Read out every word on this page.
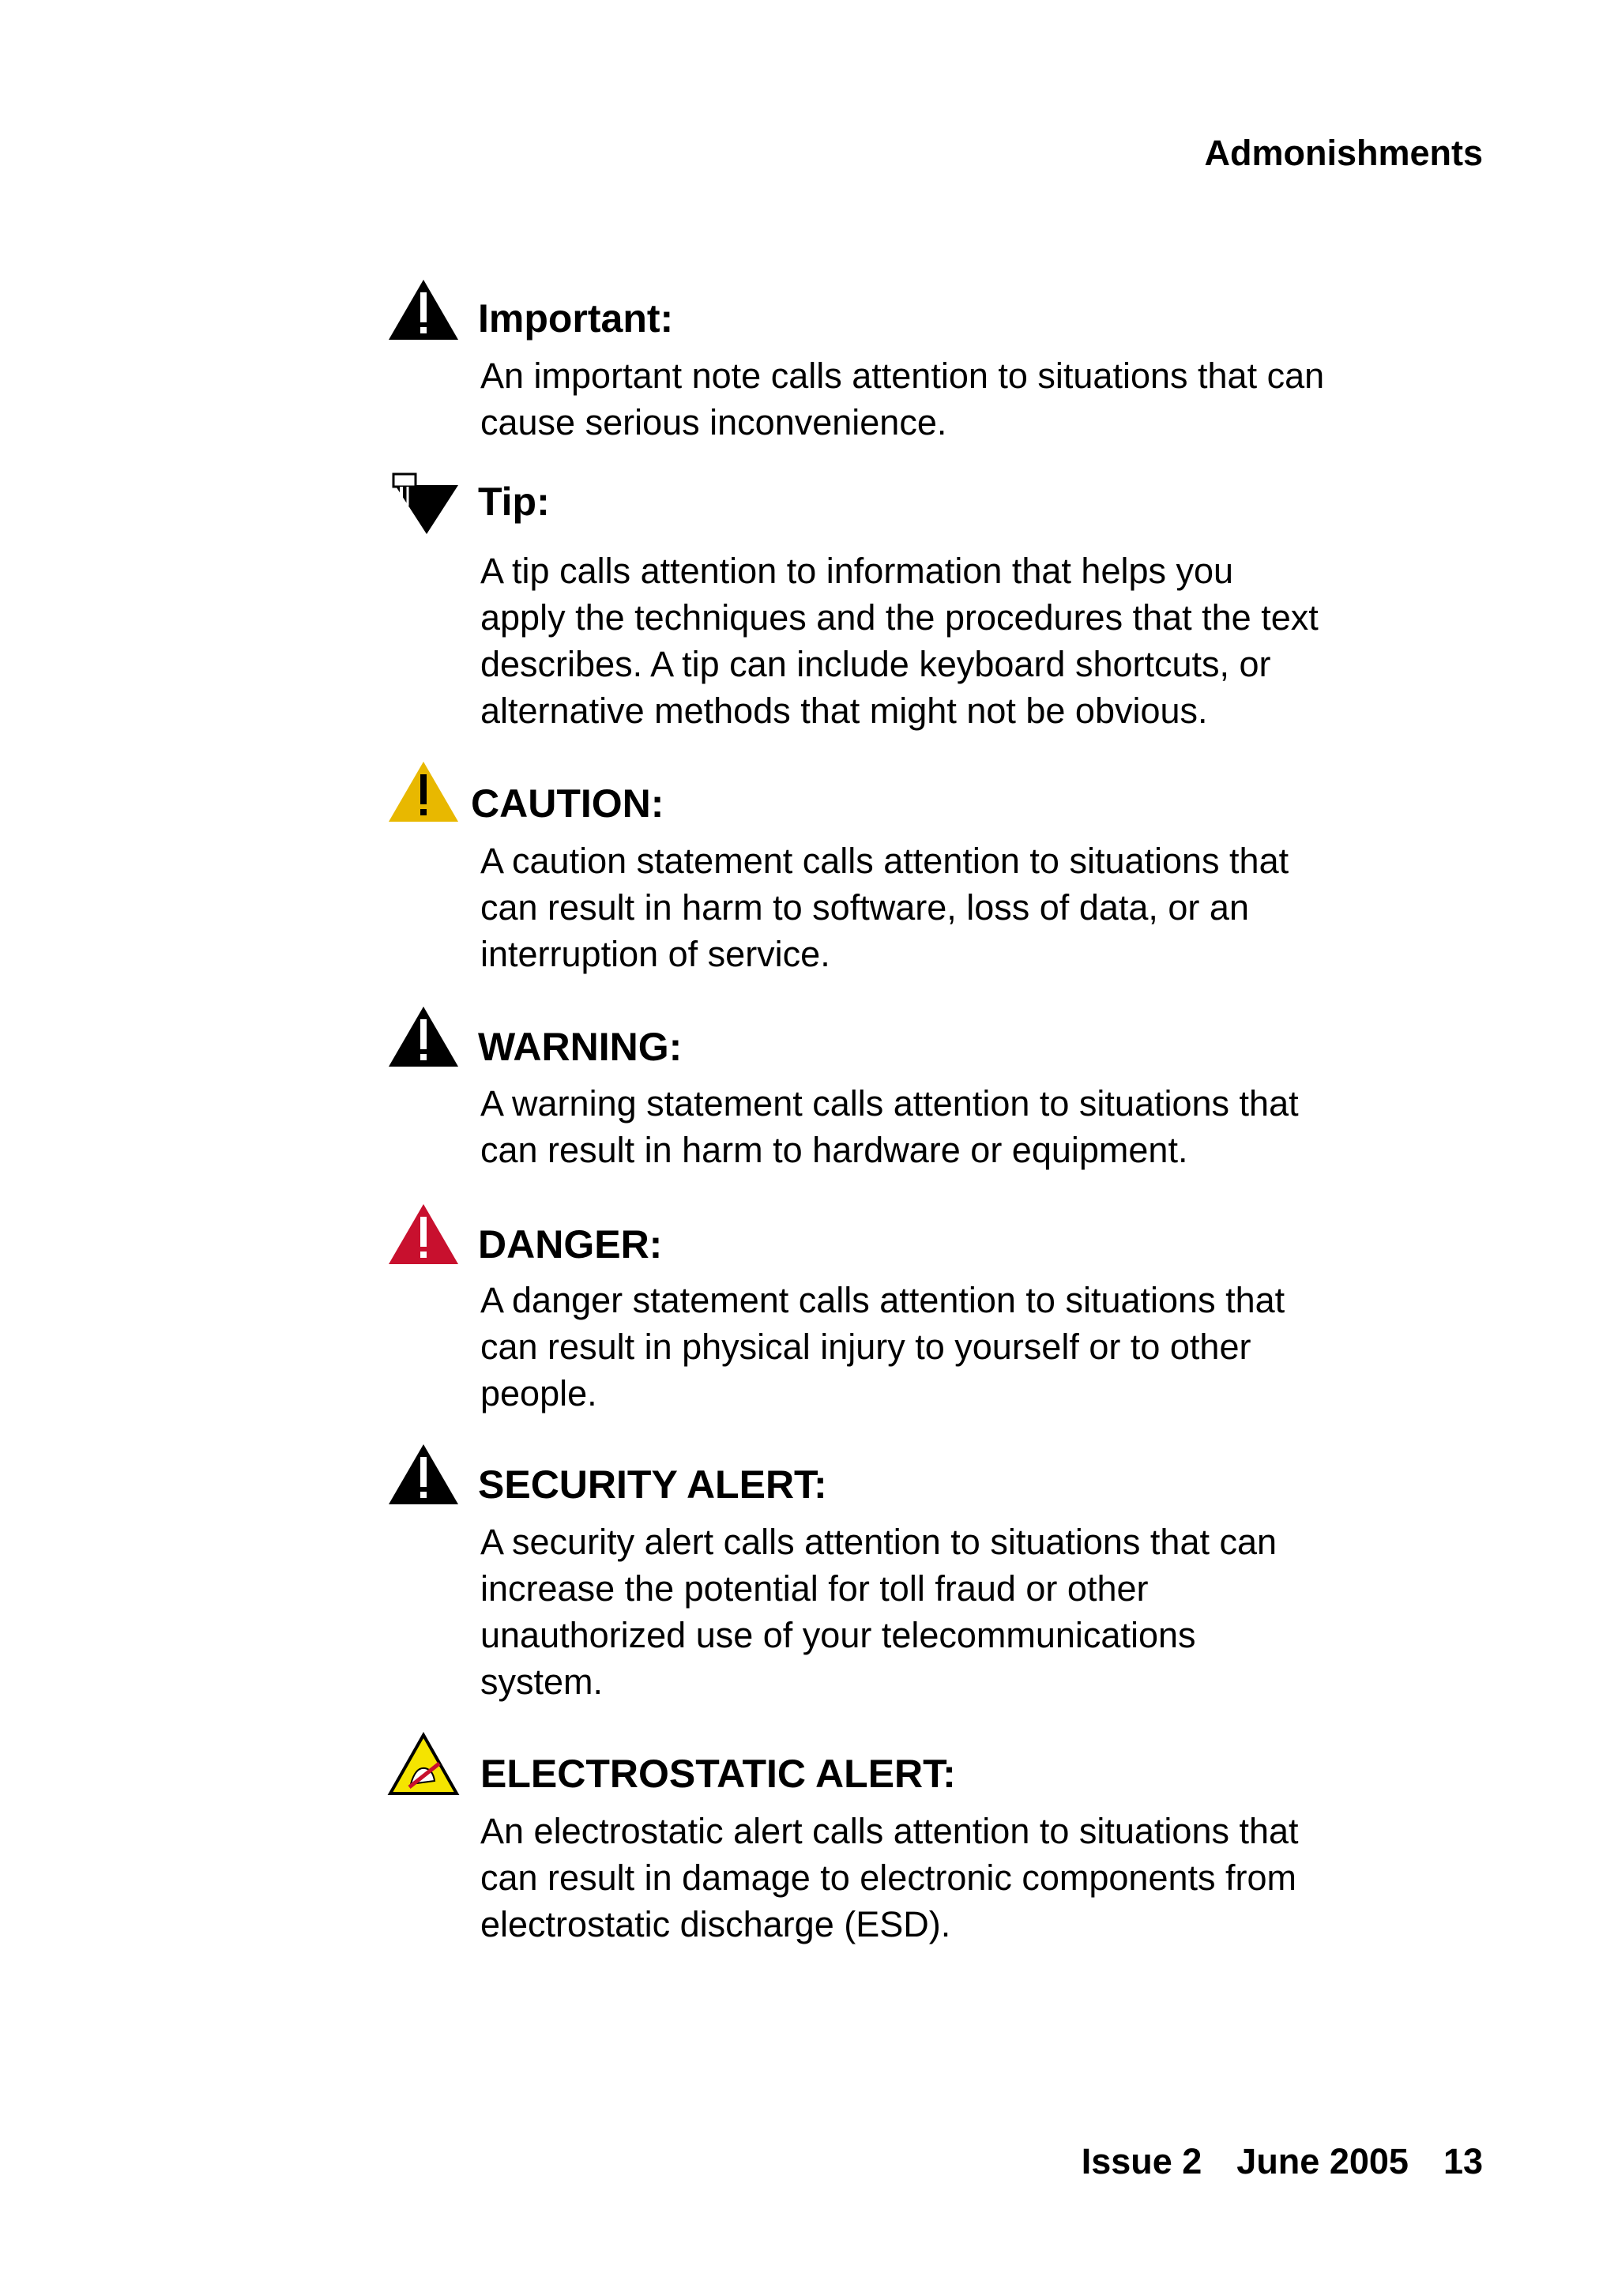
Admonishments
Important:
An important note calls attention to situations that can
cause serious inconvenience.
Tip:
A tip calls attention to information that helps you
apply the techniques and the procedures that the text
describes. A tip can include keyboard shortcuts, or
alternative methods that might not be obvious.
CAUTION:
A caution statement calls attention to situations that
can result in harm to software, loss of data, or an
interruption of service.
WARNING:
A warning statement calls attention to situations that
can result in harm to hardware or equipment.
DANGER:
A danger statement calls attention to situations that
can result in physical injury to yourself or to other
people.
SECURITY ALERT:
A security alert calls attention to situations that can
increase the potential for toll fraud or other
unauthorized use of your telecommunications
system.
ELECTROSTATIC ALERT:
An electrostatic alert calls attention to situations that
can result in damage to electronic components from
electrostatic discharge (ESD).
Issue 2 June 2005 13
